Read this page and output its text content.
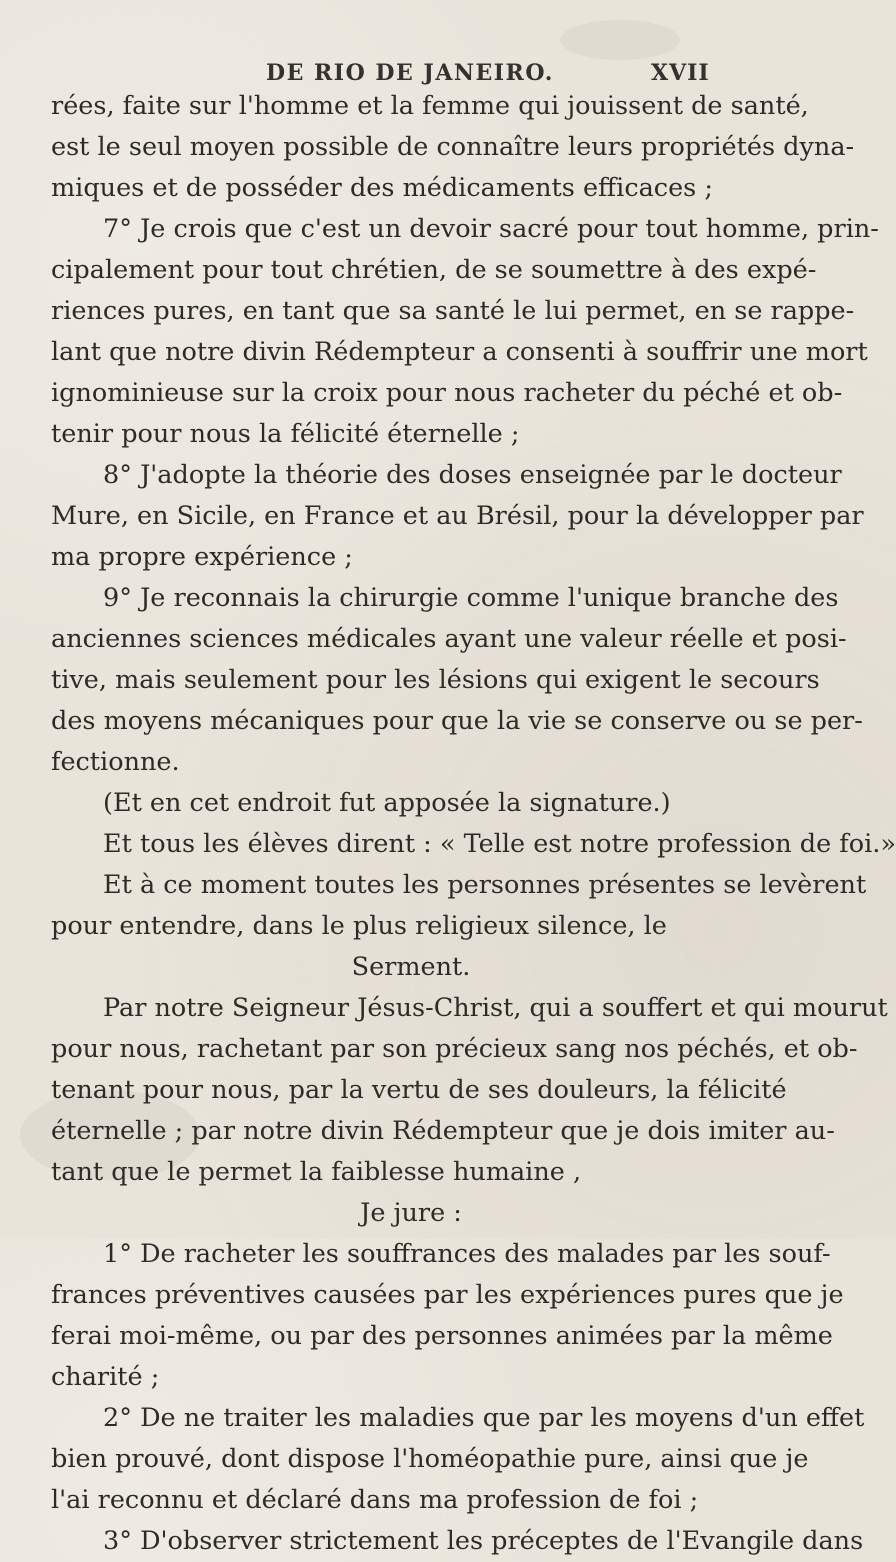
DE RIO DE JANEIRO.	XVII
rées, faite sur l'homme et la femme qui jouissent de santé,
est le seul moyen possible de connaître leurs propriétés dyna-
miques et de posséder des médicaments efficaces ;
7° Je crois que c'est un devoir sacré pour tout homme, prin-
cipalement pour tout chrétien, de se soumettre à des expé-
riences pures, en tant que sa santé le lui permet, en se rappe-
lant que notre divin Rédempteur a consenti à souffrir une mort
ignominieuse sur la croix pour nous racheter du péché et ob-
tenir pour nous la félicité éternelle ;
8° J'adopte la théorie des doses enseignée par le docteur
Mure, en Sicile, en France et au Brésil, pour la développer par
ma propre expérience ;
9° Je reconnais la chirurgie comme l'unique branche des
anciennes sciences médicales ayant une valeur réelle et posi-
tive, mais seulement pour les lésions qui exigent le secours
des moyens mécaniques pour que la vie se conserve ou se per-
fectionne.
(Et en cet endroit fut apposée la signature.)
Et tous les élèves dirent : « Telle est notre profession de foi.»
Et à ce moment toutes les personnes présentes se levèrent
pour entendre, dans le plus religieux silence, le
Serment.
Par notre Seigneur Jésus-Christ, qui a souffert et qui mourut
pour nous, rachetant par son précieux sang nos péchés, et ob-
tenant pour nous, par la vertu de ses douleurs, la félicité
éternelle ; par notre divin Rédempteur que je dois imiter au-
tant que le permet la faiblesse humaine ,
Je jure :
1° De racheter les souffrances des malades par les souf-
frances préventives causées par les expériences pures que je
ferai moi-même, ou par des personnes animées par la même
charité ;
2° De ne traiter les maladies que par les moyens d'un effet
bien prouvé, dont dispose l'homéopathie pure, ainsi que je
l'ai reconnu et déclaré dans ma profession de foi ;
3° D'observer strictement les préceptes de l'Evangile dans
